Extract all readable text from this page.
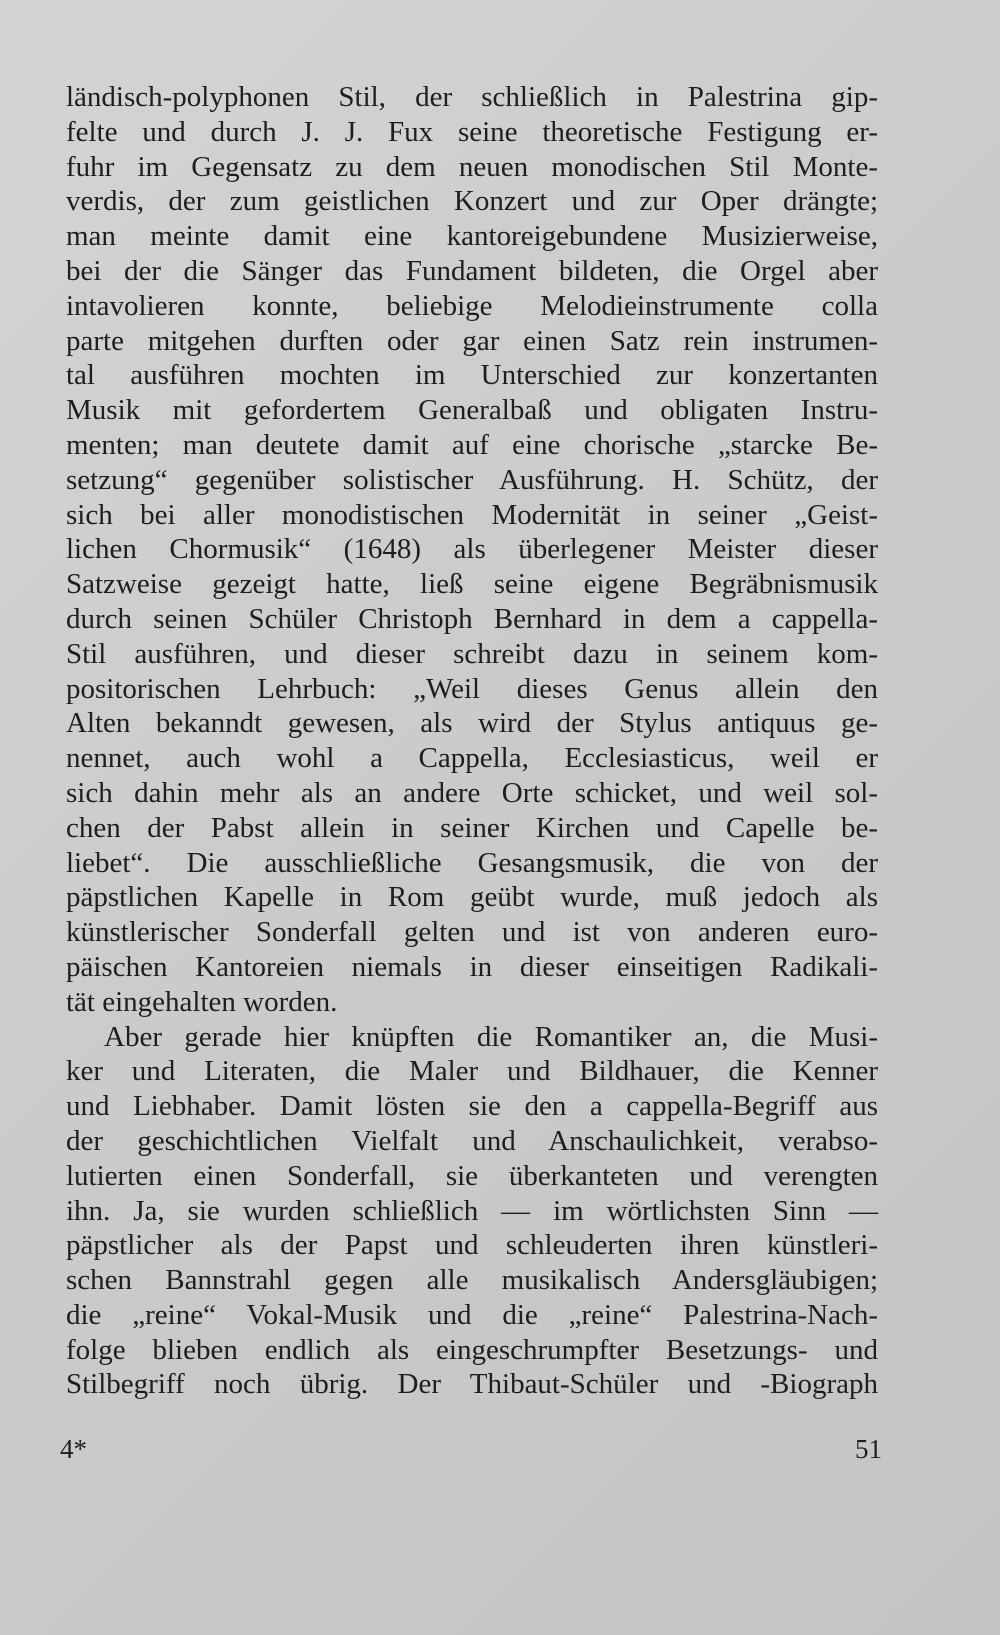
ländisch-polyphonen Stil, der schließlich in Palestrina gip-
felte und durch J. J. Fux seine theoretische Festigung er-
fuhr im Gegensatz zu dem neuen monodischen Stil Monte-
verdis, der zum geistlichen Konzert und zur Oper drängte;
man meinte damit eine kantoreigebundene Musizierweise,
bei der die Sänger das Fundament bildeten, die Orgel aber
intavolieren konnte, beliebige Melodieinstrumente colla
parte mitgehen durften oder gar einen Satz rein instrumen-
tal ausführen mochten im Unterschied zur konzertanten
Musik mit gefordertem Generalbaß und obligaten Instru-
menten; man deutete damit auf eine chorische „starcke Be-
setzung“ gegenüber solistischer Ausführung. H. Schütz, der
sich bei aller monodistischen Modernität in seiner „Geist-
lichen Chormusik“ (1648) als überlegener Meister dieser
Satzweise gezeigt hatte, ließ seine eigene Begräbnismusik
durch seinen Schüler Christoph Bernhard in dem a cappella-
Stil ausführen, und dieser schreibt dazu in seinem kom-
positorischen Lehrbuch: „Weil dieses Genus allein den
Alten bekanndt gewesen, als wird der Stylus antiquus ge-
nennet, auch wohl a Cappella, Ecclesiasticus, weil er
sich dahin mehr als an andere Orte schicket, und weil sol-
chen der Pabst allein in seiner Kirchen und Capelle be-
liebet“. Die ausschließliche Gesangsmusik, die von der
päpstlichen Kapelle in Rom geübt wurde, muß jedoch als
künstlerischer Sonderfall gelten und ist von anderen euro-
päischen Kantoreien niemals in dieser einseitigen Radikali-
tät eingehalten worden.
Aber gerade hier knüpften die Romantiker an, die Musi-
ker und Literaten, die Maler und Bildhauer, die Kenner
und Liebhaber. Damit lösten sie den a cappella-Begriff aus
der geschichtlichen Vielfalt und Anschaulichkeit, verabso-
lutierten einen Sonderfall, sie überkanteten und verengten
ihn. Ja, sie wurden schließlich — im wörtlichsten Sinn —
päpstlicher als der Papst und schleuderten ihren künstleri-
schen Bannstrahl gegen alle musikalisch Andersgläubigen;
die „reine“ Vokal-Musik und die „reine“ Palestrina-Nach-
folge blieben endlich als eingeschrumpfter Besetzungs- und
Stilbegriff noch übrig. Der Thibaut-Schüler und -Biograph
4*	51
